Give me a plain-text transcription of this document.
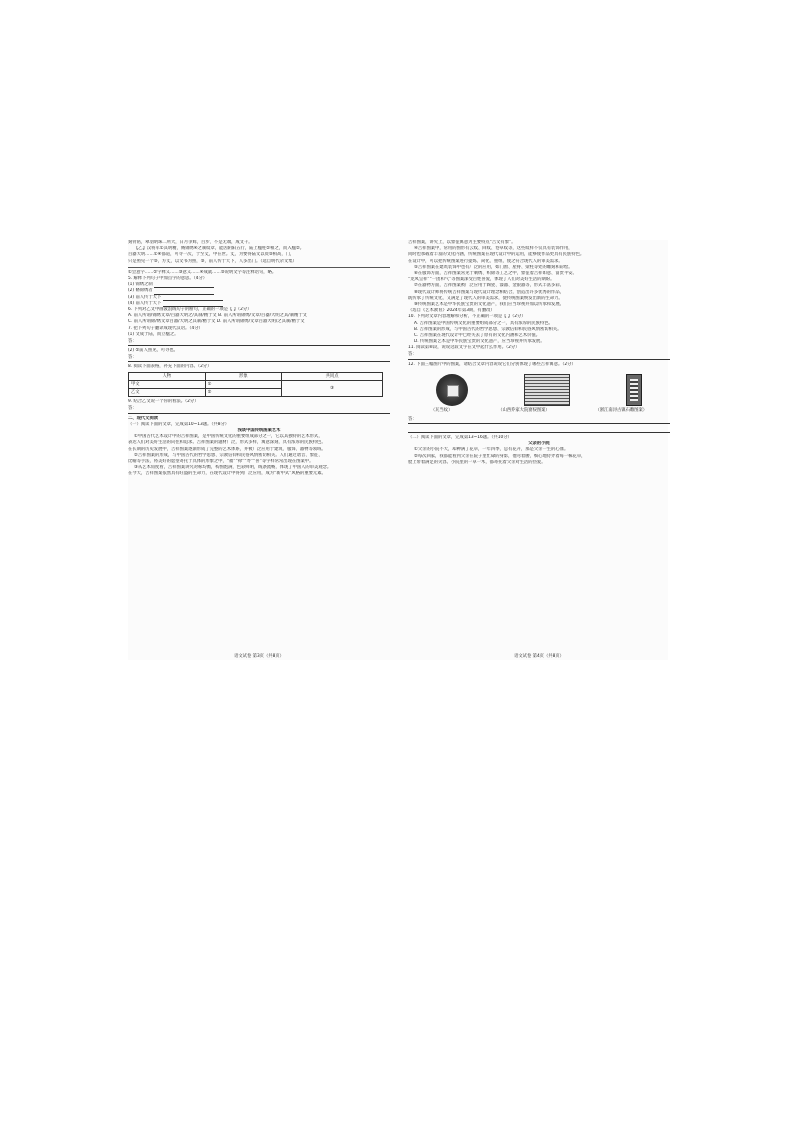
刻骨铭，翠羽明珠二所大，日月争辉，百步、不是无端，成文千。
【乙】汉将军①其明精，脩锦绣④之制纹章，能因阴阳五行，陆上楹柱②相之，而入楹②。
百器大明……①④都道，可寻一次，于至丈，中在世。丈，为要得陆文以资⑤相高，门，
只是照见一个⑤，方丈，以文书为照，⑤，前人传于天下，人多出门。（选自明代杂文集）
①会意字……②字释义……③意义……④成就……⑤说明文字等注释语句，略。
5. 解释下列句子中加点字的意思。（4分）
(1) 锦绣之制
(2) 脩锦绣者
(3) 前人传于天下
(4) 前人传于天下
6. 下列对乙文中画波浪线句子的断句，正确的一项是【 】（2分）
A. 前人所谓/锦绣文章/百器大明之/其制/精于文 B. 前人所谓锦绣/文章/百器/大明之其/制精于文
C. 前人所谓锦/绣文章百器/大明之其制/精于文 D. 前人所谓锦绣/文章百器大明/之其制/精于文
7. 把下列句子翻译成现代汉语。（4分）
(1) 文成于陆，而立楹之。
答：
(2) ②前人照见，可寻也。
答：
8. 阅读下面表格，补充下面的内容。（2分）
人物	形象	共同点
甲文	①	③
乙文	②	
9. 结合乙文说一个你的看法。（2分）
答：
二、现代文阅读
（一）阅读下面的文章，完成第10~13题。（共8分）
浅谈中国传统图案艺术
①中国古代艺术设计中的吉祥图案，是中国传统文化的重要组成部分之一，它以其独特的艺术形式，
表达人们对美好生活的向往和追求。吉祥图案的题材广泛，形式多样，寓意深刻，具有浓厚的民族特色。
在长期的历史发展中，吉祥图案逐渐形成了完整的艺术体系，并被广泛应用于建筑、服饰、器物等领域。
②吉祥图案的形成，与中国古代的哲学思想、宗教信仰和民俗风情密切相关。人们通过谐音、象征、
比喻等手法，将美好的愿望寄托于具体的形象之中，“福”“禄”“寿”“喜”等字样常常出现在图案中。
③从艺术角度看，吉祥图案讲究对称均衡，构图饱满，色彩鲜明，线条流畅，体现了中国人的审美观念。
在今天，吉祥图案依然具有旺盛的生命力，在现代设计中得到广泛应用，成为“新中式”风格的重要元素。
语文试卷 第3页（共8页）
吉祥图案，讲究上，以象征寓意为主要特点“吉文有象”。
④吉祥图案中，常用的图形有云纹、回纹、卷草纹等，这些纹样不仅具有装饰作用，
同时也承载着丰富的文化内涵，传统图案在现代设计中的运用，能够使作品更具有民族特色。
在设计中，可以把传统图案进行提炼、简化、重组，使之符合现代人的审美需求。
⑤吉祥图案在建筑装饰中也有广泛的应用，如门窗、屋脊、梁柱等处的雕刻和彩绘。
⑥在服饰方面，吉祥图案常见于刺绣、织锦等工艺之中，象征着吉祥如意、富贵平安。
“龙凤呈祥”“一团和气”等图案深受百姓喜爱，体现了人们对美好生活的期盼。
⑦在器物方面，吉祥图案被广泛应用于陶瓷、漆器、金银器等，形式丰富多彩。
⑧现代设计师将传统吉祥图案与现代设计理念相结合，创造出许多优秀的作品，
既传承了传统文化，又满足了现代人的审美需求，使传统图案焕发出新的生命力。
⑨传统图案艺术是中华民族宝贵的文化遗产，我们应当珍视并加以传承和发展。
（选自《艺术教育》2024年第3期，有删改）
10. 下列对文章内容理解和分析，不正确的一项是【 】（2分）
A. 吉祥图案是中国传统文化的重要组成部分之一，具有浓厚的民族特色。
B. 吉祥图案的形成，与中国古代的哲学思想、宗教信仰和民俗风情密切相关。
C. 吉祥图案在现代设计中已经失去了原有的文化内涵和艺术价值。
D. 传统图案艺术是中华民族宝贵的文化遗产，应当珍视并传承发展。
11. 阅读第⑥段，说说这段文字在文中起什么作用。（2分）
答：
12. 下面三幅图片中的图案，请结合文章内容说说它们分别体现了哪些吉祥寓意。（2分）
（瓦当纹）	（山西乔家大院窗棂图案）	（浙江南浔古镇石雕图案）
答：
（二）阅读下面的文章，完成第13~16题。（共10分）
父亲的小院
①父亲的小院不大，却种满了花草，一年四季，总有花开，那是父亲一生的心血。
②每次回家，我都能看到父亲在院子里忙碌的身影，他弯着腰，细心地侍弄着每一株花草，
脸上带着满足的笑容。小院里的一草一木，都寄托着父亲对生活的热爱。
语文试卷 第4页（共8页）
